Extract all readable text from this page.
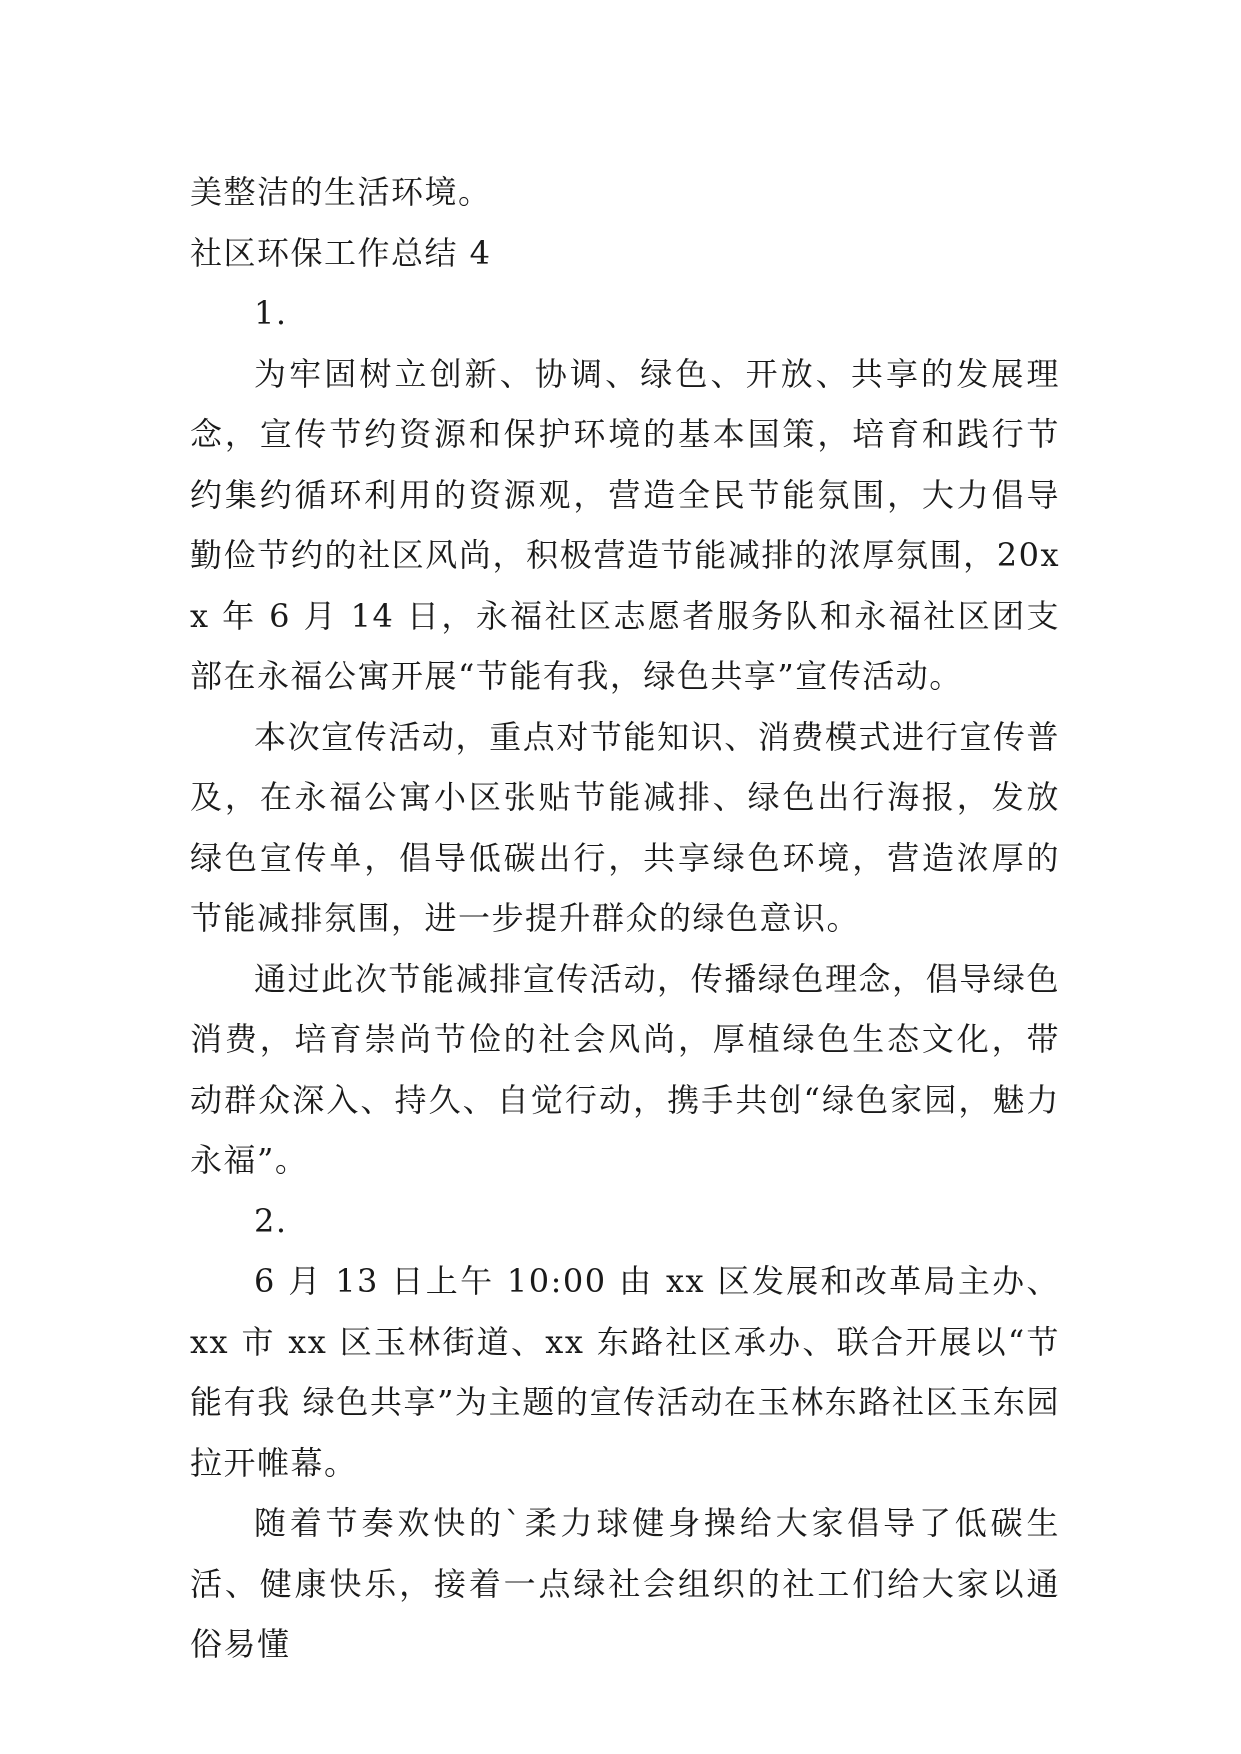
美整洁的生活环境。

社区环保工作总结 4

1.

为牢固树立创新、协调、绿色、开放、共享的发展理念，宣传节约资源和保护环境的基本国策，培育和践行节约集约循环利用的资源观，营造全民节能氛围，大力倡导勤俭节约的社区风尚，积极营造节能减排的浓厚氛围，20xx 年 6 月 14 日，永福社区志愿者服务队和永福社区团支部在永福公寓开展“节能有我，绿色共享”宣传活动。

本次宣传活动，重点对节能知识、消费模式进行宣传普及，在永福公寓小区张贴节能减排、绿色出行海报，发放绿色宣传单，倡导低碳出行，共享绿色环境，营造浓厚的节能减排氛围，进一步提升群众的绿色意识。

通过此次节能减排宣传活动，传播绿色理念，倡导绿色消费，培育崇尚节俭的社会风尚，厚植绿色生态文化，带动群众深入、持久、自觉行动，携手共创“绿色家园，魅力永福”。

2.

6 月 13 日上午 10:00 由 xx 区发展和改革局主办、xx 市 xx 区玉林街道、xx 东路社区承办、联合开展以“节能有我 绿色共享”为主题的宣传活动在玉林东路社区玉东园拉开帷幕。

随着节奏欢快的`柔力球健身操给大家倡导了低碳生活、健康快乐，接着一点绿社会组织的社工们给大家以通俗易懂
